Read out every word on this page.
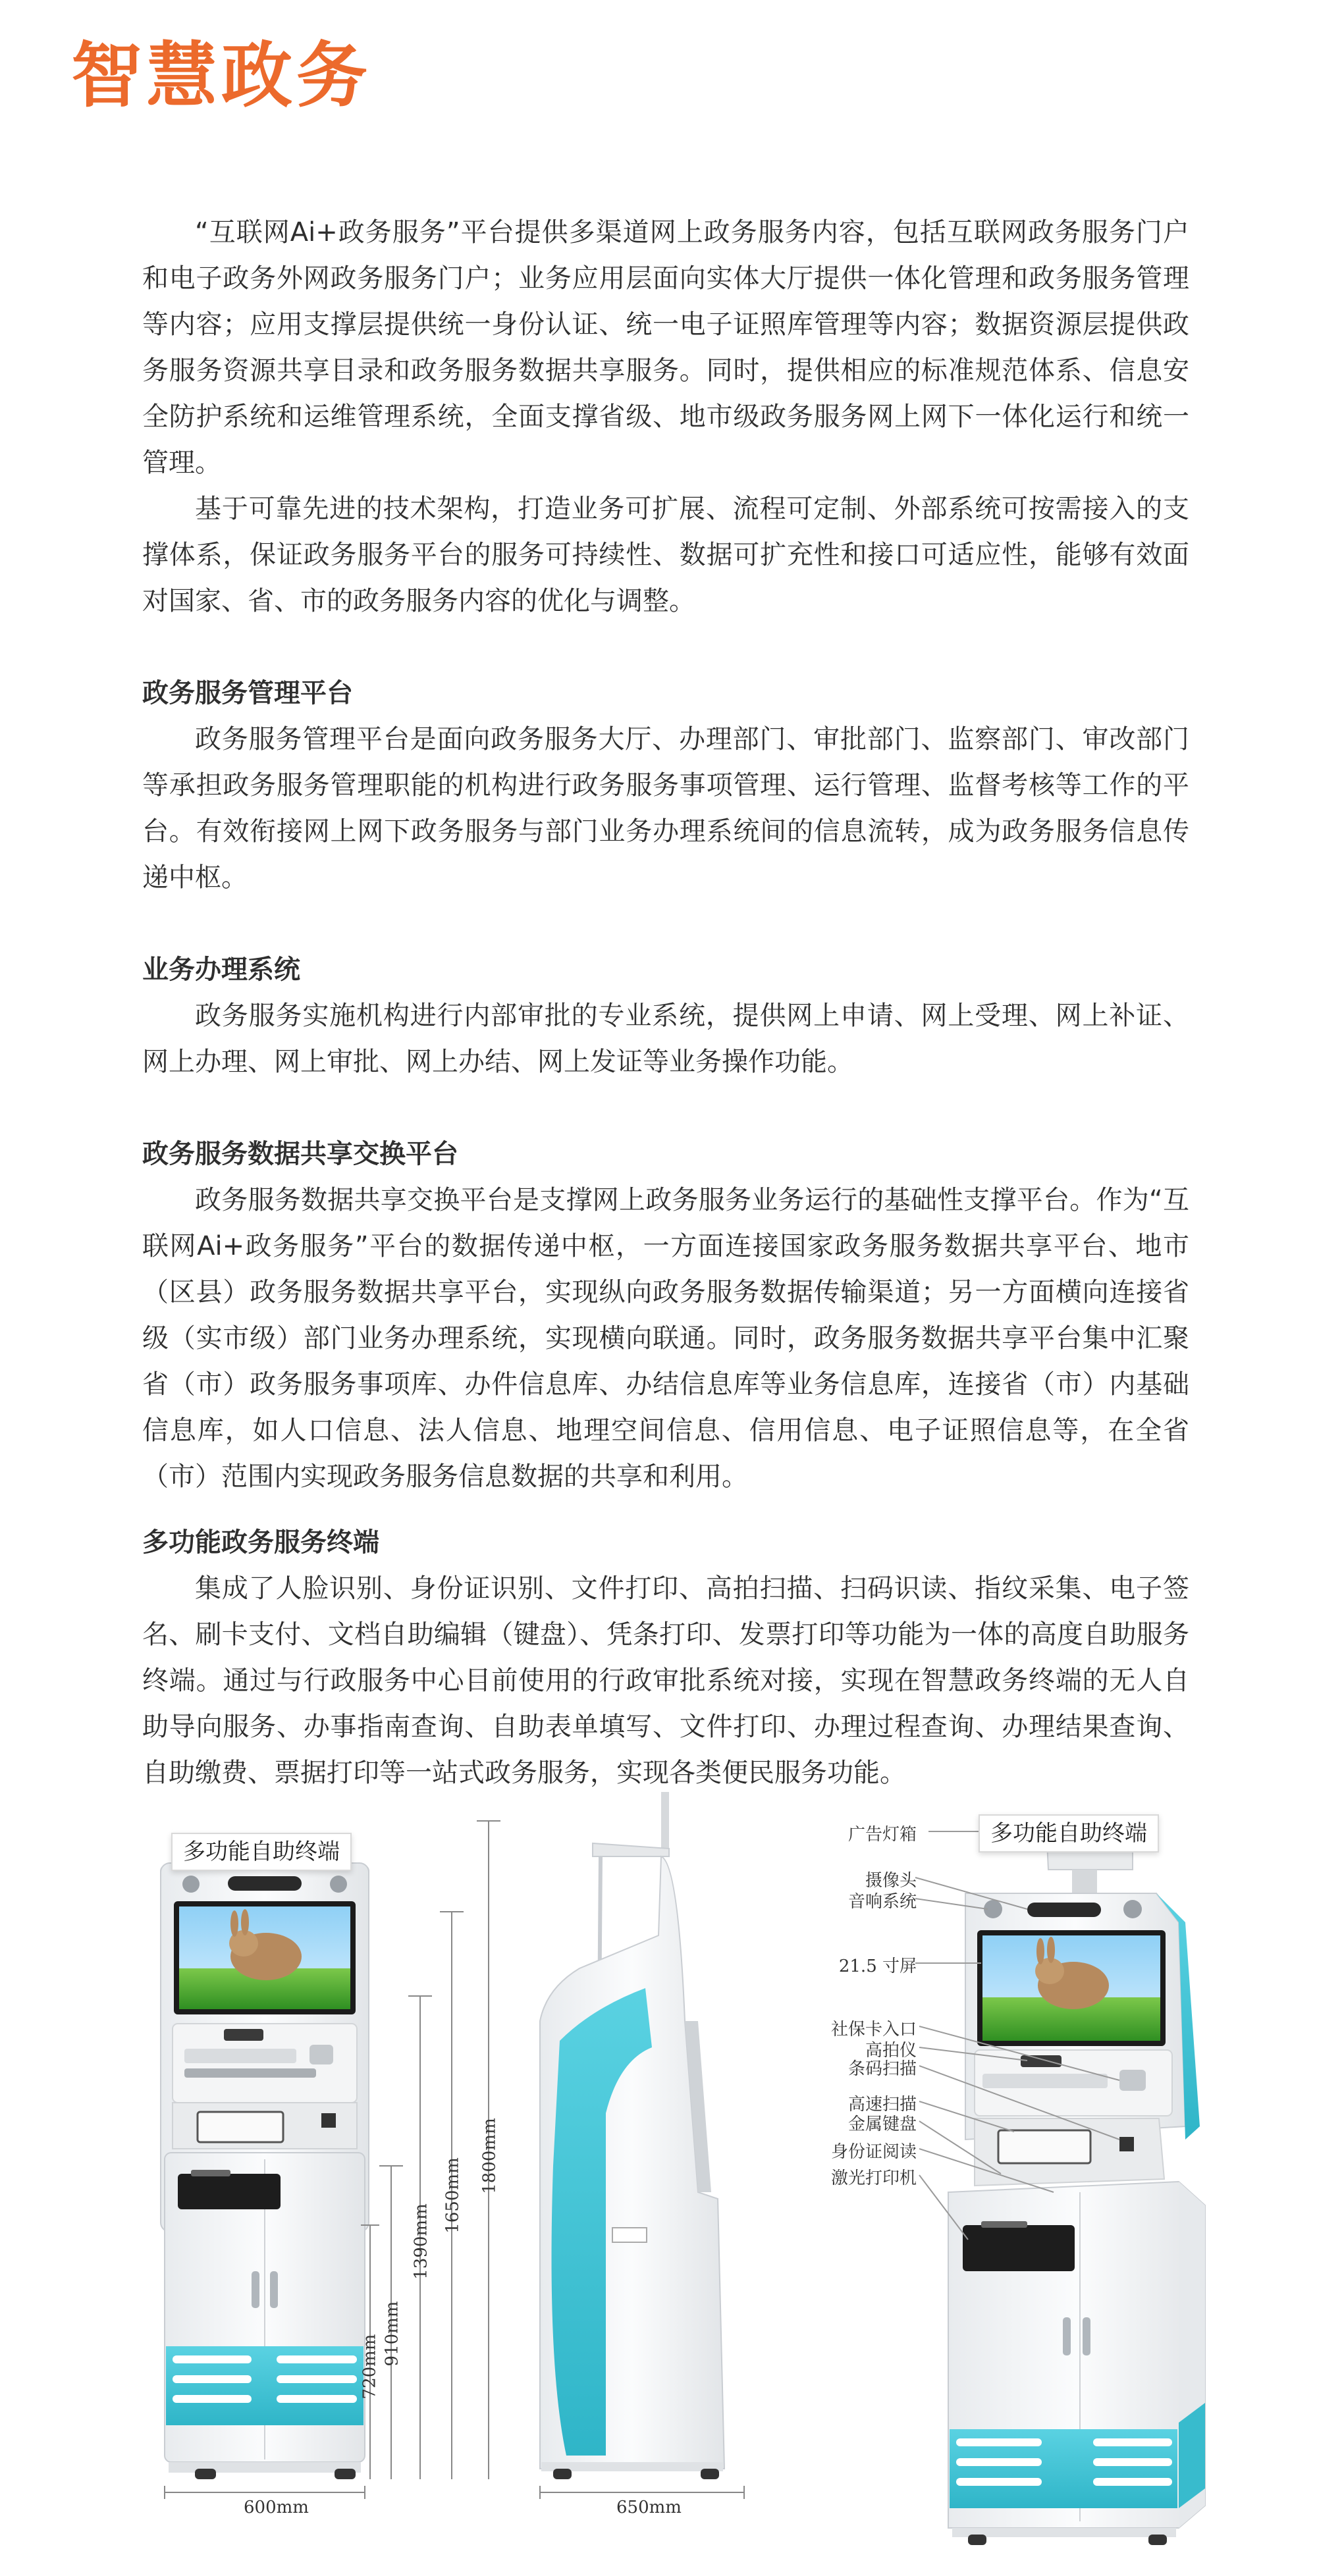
智慧政务

“互联网Ai+政务服务”平台提供多渠道网上政务服务内容，包括互联网政务服务门户和电子政务外网政务服务门户；业务应用层面向实体大厅提供一体化管理和政务服务管理等内容；应用支撑层提供统一身份认证、统一电子证照库管理等内容；数据资源层提供政务服务资源共享目录和政务服务数据共享服务。同时，提供相应的标准规范体系、信息安全防护系统和运维管理系统，全面支撑省级、地市级政务服务网上网下一体化运行和统一管理。

基于可靠先进的技术架构，打造业务可扩展、流程可定制、外部系统可按需接入的支撑体系，保证政务服务平台的服务可持续性、数据可扩充性和接口可适应性，能够有效面对国家、省、市的政务服务内容的优化与调整。

政务服务管理平台

政务服务管理平台是面向政务服务大厅、办理部门、审批部门、监察部门、审改部门等承担政务服务管理职能的机构进行政务服务事项管理、运行管理、监督考核等工作的平台。有效衔接网上网下政务服务与部门业务办理系统间的信息流转，成为政务服务信息传递中枢。

业务办理系统

政务服务实施机构进行内部审批的专业系统，提供网上申请、网上受理、网上补证、网上办理、网上审批、网上办结、网上发证等业务操作功能。

政务服务数据共享交换平台

政务服务数据共享交换平台是支撑网上政务服务业务运行的基础性支撑平台。作为“互联网Ai+政务服务”平台的数据传递中枢，一方面连接国家政务服务数据共享平台、地市（区县）政务服务数据共享平台，实现纵向政务服务数据传输渠道；另一方面横向连接省级（实市级）部门业务办理系统，实现横向联通。同时，政务服务数据共享平台集中汇聚省（市）政务服务事项库、办件信息库、办结信息库等业务信息库，连接省（市）内基础信息库，如人口信息、法人信息、地理空间信息、信用信息、电子证照信息等，在全省（市）范围内实现政务服务信息数据的共享和利用。

多功能政务服务终端

集成了人脸识别、身份证识别、文件打印、高拍扫描、扫码识读、指纹采集、电子签名、刷卡支付、文档自助编辑（键盘）、凭条打印、发票打印等功能为一体的高度自助服务终端。通过与行政服务中心目前使用的行政审批系统对接，实现在智慧政务终端的无人自助导向服务、办事指南查询、自助表单填写、文件打印、办理过程查询、办理结果查询、自助缴费、票据打印等一站式政务服务，实现各类便民服务功能。

多功能自助终端
多功能自助终端
600mm	650mm
1800mm
1650mm
1390mm
910mm
720mm
广告灯箱
摄像头
音响系统
21.5 寸屏
社保卡入口
高拍仪
条码扫描
高速扫描
金属键盘
身份证阅读
激光打印机
